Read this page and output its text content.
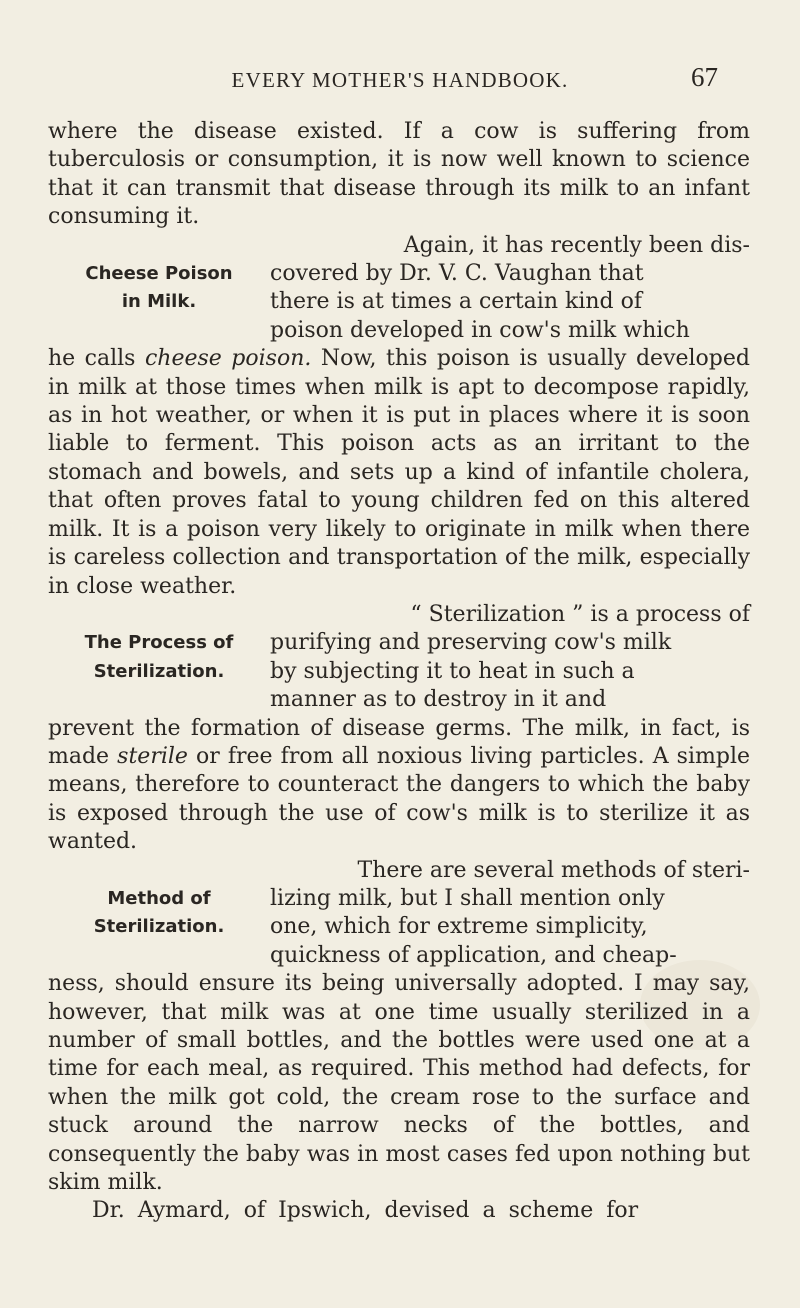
EVERY MOTHER'S HANDBOOK.	67

where the disease existed. If a cow is suffering from tuberculosis or consumption, it is now well known to science that it can transmit that disease through its milk to an infant consuming it.

Cheese Poison
in Milk.

Again, it has recently been dis-

covered by Dr. V. C. Vaughan that

there is at times a certain kind of

poison developed in cow's milk which

he calls cheese poison. Now, this poison is usually developed in milk at those times when milk is apt to decompose rapidly, as in hot weather, or when it is put in places where it is soon liable to ferment. This poison acts as an irritant to the stomach and bowels, and sets up a kind of infantile cholera, that often proves fatal to young children fed on this altered milk. It is a poison very likely to originate in milk when there is careless collection and transportation of the milk, especially in close weather.

The Process of
Sterilization.

“ Sterilization ” is a process of

purifying and preserving cow's milk

by subjecting it to heat in such a

manner as to destroy in it and

prevent the formation of disease germs. The milk, in fact, is made sterile or free from all noxious living particles. A simple means, therefore to counteract the dangers to which the baby is exposed through the use of cow's milk is to sterilize it as wanted.

Method of
Sterilization.

There are several methods of steri-

lizing milk, but I shall mention only

one, which for extreme simplicity,

quickness of application, and cheap-

ness, should ensure its being universally adopted. I may say, however, that milk was at one time usually sterilized in a number of small bottles, and the bottles were used one at a time for each meal, as required. This method had defects, for when the milk got cold, the cream rose to the surface and stuck around the narrow necks of the bottles, and consequently the baby was in most cases fed upon nothing but skim milk.

Dr. Aymard, of Ipswich, devised a scheme for
